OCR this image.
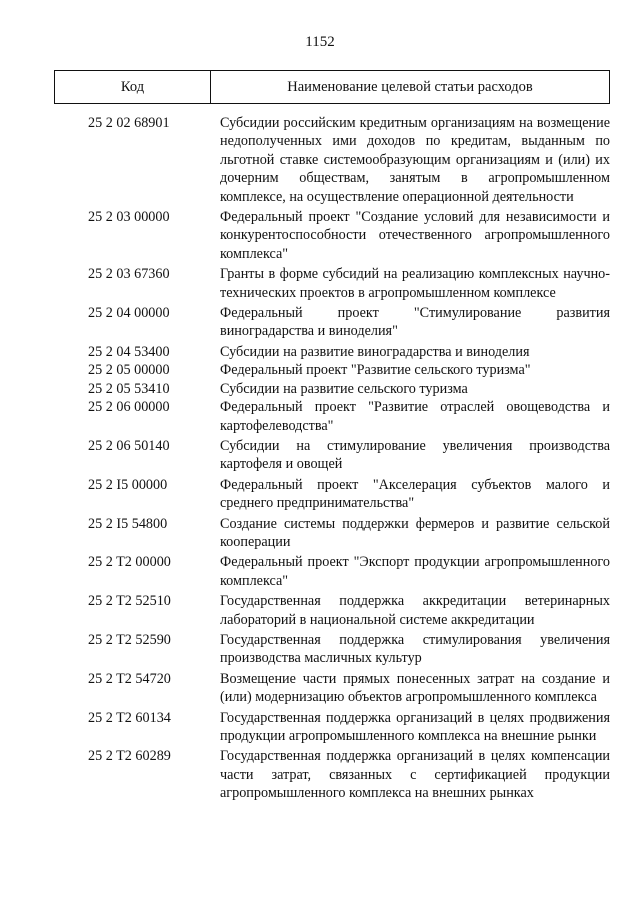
1152
Код	Наименование целевой статьи расходов
25 2 02 68901	Субсидии российским кредитным организациям на возмещение недополученных ими доходов по кредитам, выданным по льготной ставке системообразующим организациям и (или) их дочерним обществам, занятым в агропромышленном комплексе, на осуществление операционной деятельности
25 2 03 00000	Федеральный проект "Создание условий для независимости и конкурентоспособности отечественного агропромышленного комплекса"
25 2 03 67360	Гранты в форме субсидий на реализацию комплексных научно-технических проектов в агропромышленном комплексе
25 2 04 00000	Федеральный проект "Стимулирование развития виноградарства и виноделия"
25 2 04 53400	Субсидии на развитие виноградарства и виноделия
25 2 05 00000	Федеральный проект "Развитие сельского туризма"
25 2 05 53410	Субсидии на развитие сельского туризма
25 2 06 00000	Федеральный проект "Развитие отраслей овощеводства и картофелеводства"
25 2 06 50140	Субсидии на стимулирование увеличения производства картофеля и овощей
25 2 I5 00000	Федеральный проект "Акселерация субъектов малого и среднего предпринимательства"
25 2 I5 54800	Создание системы поддержки фермеров и развитие сельской кооперации
25 2 T2 00000	Федеральный проект "Экспорт продукции агропромышленного комплекса"
25 2 T2 52510	Государственная поддержка аккредитации ветеринарных лабораторий в национальной системе аккредитации
25 2 T2 52590	Государственная поддержка стимулирования увеличения производства масличных культур
25 2 T2 54720	Возмещение части прямых понесенных затрат на создание и (или) модернизацию объектов агропромышленного комплекса
25 2 T2 60134	Государственная поддержка организаций в целях продвижения продукции агропромышленного комплекса на внешние рынки
25 2 T2 60289	Государственная поддержка организаций в целях компенсации части затрат, связанных с сертификацией продукции агропромышленного комплекса на внешних рынках
